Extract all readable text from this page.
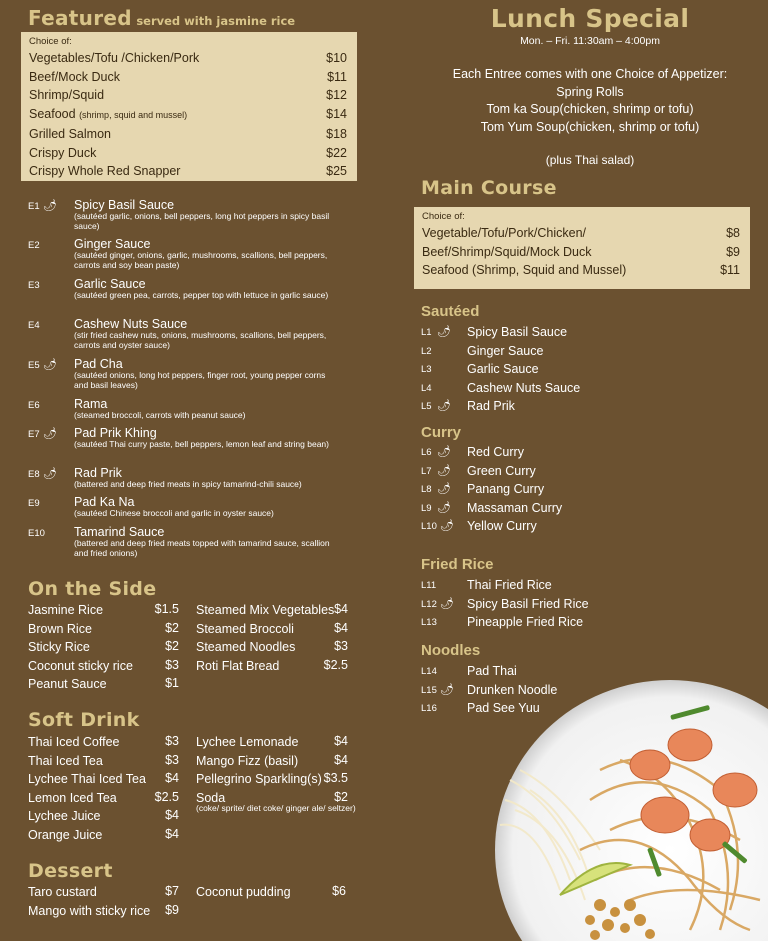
Featured served with jasmine rice
Choice of:
Vegetables/Tofu /Chicken/Pork	$10
Beef/Mock Duck	$11
Shrimp/Squid	$12
Seafood (shrimp, squid and mussel)	$14
Grilled Salmon	$18
Crispy Duck	$22
Crispy Whole Red Snapper	$25
E1 🌶 Spicy Basil Sauce
(sautéed garlic, onions, bell peppers, long hot peppers in spicy basil sauce)
E2	Ginger Sauce
(sautéed ginger, onions, garlic, mushrooms, scallions, bell peppers, carrots and soy bean paste)
E3	Garlic Sauce
(sautéed green pea, carrots, pepper top with lettuce in garlic sauce)
E4	Cashew Nuts Sauce
(stir fried cashew nuts, onions, mushrooms, scallions, bell peppers, carrots and oyster sauce)
E5 🌶 Pad Cha
(sautéed onions, long hot peppers, finger root, young pepper corns and basil leaves)
E6	Rama
(steamed broccoli, carrots with peanut sauce)
E7 🌶 Pad Prik Khing
(sautéed Thai curry paste, bell peppers, lemon leaf and string bean)
E8 🌶 Rad Prik
(battered and deep fried meats in spicy tamarind-chili sauce)
E9	Pad Ka Na
(sautéed Chinese broccoli and garlic in oyster sauce)
E10 Tamarind Sauce
(battered and deep fried meats topped with tamarind sauce, scallion and fried onions)
On the Side
Jasmine Rice	$1.5
Brown Rice	$2
Sticky Rice	$2
Coconut sticky rice	$3
Peanut Sauce	$1
Steamed Mix Vegetables $4
Steamed Broccoli	$4
Steamed Noodles	$3
Roti Flat Bread	$2.5
Soft Drink
Thai Iced Coffee	$3
Thai Iced Tea	$3
Lychee Thai Iced Tea	$4
Lemon Iced Tea	$2.5
Lychee Juice	$4
Orange Juice	$4
Lychee Lemonade	$4
Mango Fizz (basil)	$4
Pellegrino Sparkling(s) $3.5
Soda	$2
(coke/ sprite/ diet coke/ ginger ale/ seltzer)
Dessert
Taro custard	$7
Mango with sticky rice	$9
Coconut pudding	$6
Lunch Special
Mon. – Fri. 11:30am – 4:00pm
Each Entree comes with one Choice of Appetizer:
Spring Rolls
Tom ka Soup(chicken, shrimp or tofu)
Tom Yum Soup(chicken, shrimp or tofu)
(plus Thai salad)
Main Course
Choice of:
Vegetable/Tofu/Pork/Chicken/	$8
Beef/Shrimp/Squid/Mock Duck	$9
Seafood (Shrimp, Squid and Mussel)	$11
Sautéed
Curry
Fried Rice
Noodles
L1 🌶 Spicy Basil Sauce
L2	Ginger Sauce
L3	Garlic Sauce
L4	Cashew Nuts Sauce
L5 🌶 Rad Prik
L6 🌶 Red Curry
L7 🌶 Green Curry
L8 🌶 Panang Curry
L9 🌶 Massaman Curry
L10 🌶 Yellow Curry
L11	Thai Fried Rice
L12 🌶 Spicy Basil Fried Rice
L13	Pineapple Fried Rice
L14	Pad Thai
L15 🌶 Drunken Noodle
L16	Pad See Yuu
